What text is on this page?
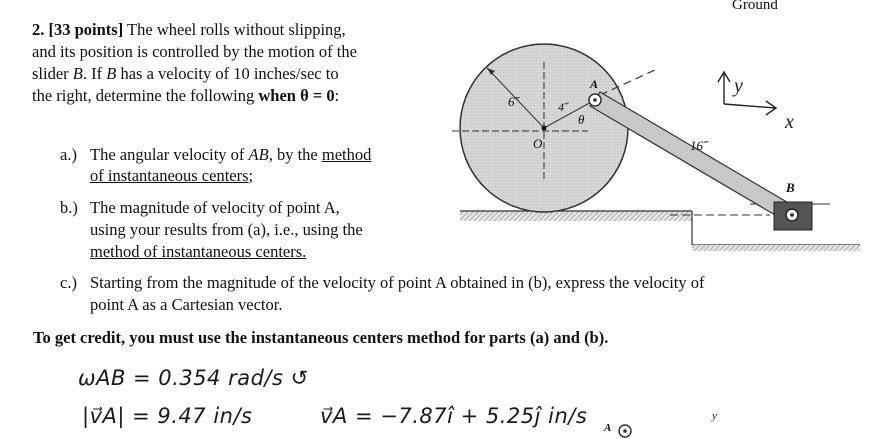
2. [33 points] The wheel rolls without slipping,
and its position is controlled by the motion of the
slider B. If B has a velocity of 10 inches/sec to
the right, determine the following when θ = 0:
a.) The angular velocity of AB, by the method
of instantaneous centers;
b.) The magnitude of velocity of point A,
using your results from (a), i.e., using the
method of instantaneous centers.
c.) Starting from the magnitude of the velocity of point A obtained in (b), express the velocity of
point A as a Cartesian vector.
To get credit, you must use the instantaneous centers method for parts (a) and (b).
Ground
6˝	4˝
θ
O
A
16˝
B
y
x
ωAB = 0.354 rad/s ↺
|v⃗A| = 9.47 in/s	v⃗A = −7.87î + 5.25ĵ in/s	y
A
